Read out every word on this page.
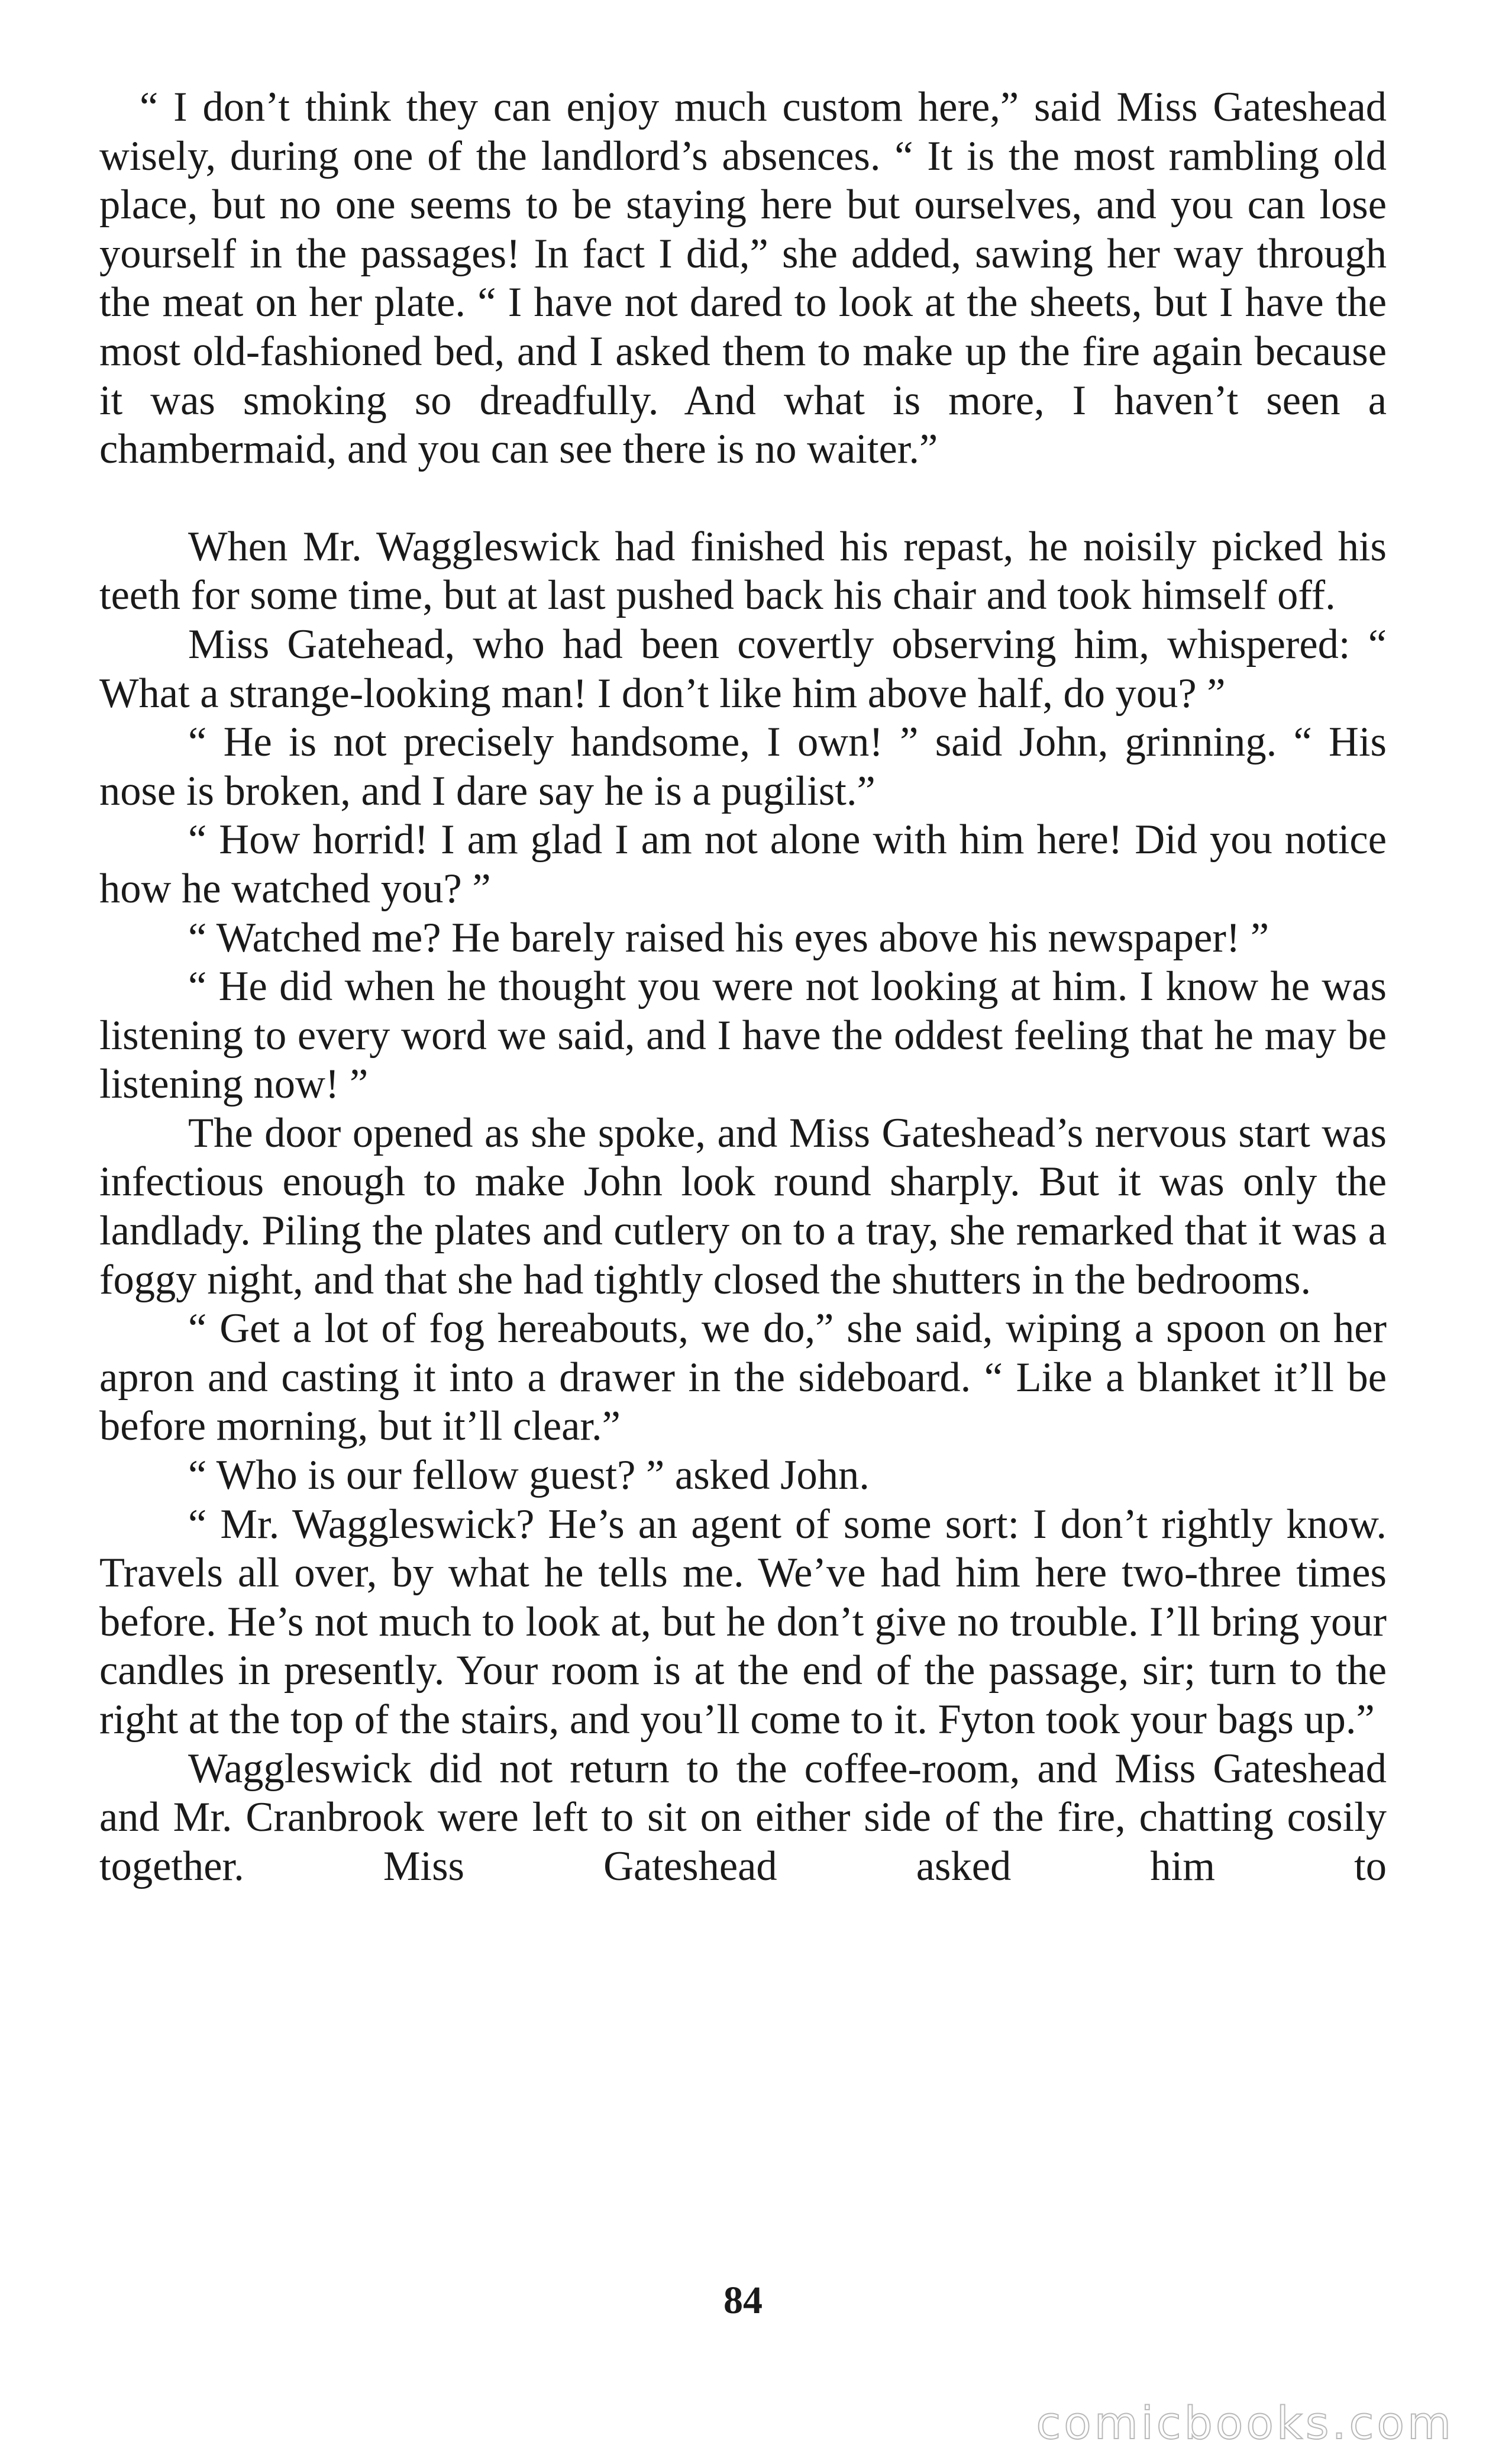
“ I don’t think they can enjoy much custom here,” said Miss Gateshead wisely, during one of the landlord’s absences. “ It is the most rambling old place, but no one seems to be staying here but ourselves, and you can lose yourself in the passages! In fact I did,” she added, sawing her way through the meat on her plate. “ I have not dared to look at the sheets, but I have the most old-fashioned bed, and I asked them to make up the fire again because it was smoking so dreadfully. And what is more, I haven’t seen a chambermaid, and you can see there is no waiter.”

When Mr. Waggleswick had finished his repast, he noisily picked his teeth for some time, but at last pushed back his chair and took himself off.

Miss Gatehead, who had been covertly observing him, whispered: “ What a strange-looking man! I don’t like him above half, do you? ”

“ He is not precisely handsome, I own! ” said John, grinning. “ His nose is broken, and I dare say he is a pugilist.”

“ How horrid! I am glad I am not alone with him here! Did you notice how he watched you? ”

“ Watched me? He barely raised his eyes above his newspaper! ”

“ He did when he thought you were not looking at him. I know he was listening to every word we said, and I have the oddest feeling that he may be listening now! ”

The door opened as she spoke, and Miss Gateshead’s nervous start was infectious enough to make John look round sharply. But it was only the landlady. Piling the plates and cutlery on to a tray, she remarked that it was a foggy night, and that she had tightly closed the shutters in the bedrooms.

“ Get a lot of fog hereabouts, we do,” she said, wiping a spoon on her apron and casting it into a drawer in the sideboard. “ Like a blanket it’ll be before morning, but it’ll clear.”

“ Who is our fellow guest? ” asked John.

“ Mr. Waggleswick? He’s an agent of some sort: I don’t rightly know. Travels all over, by what he tells me. We’ve had him here two-three times before. He’s not much to look at, but he don’t give no trouble. I’ll bring your candles in presently. Your room is at the end of the passage, sir; turn to the right at the top of the stairs, and you’ll come to it. Fyton took your bags up.”

Waggleswick did not return to the coffee-room, and Miss Gateshead and Mr. Cranbrook were left to sit on either side of the fire, chatting cosily together. Miss Gateshead asked him to

84
comicbooks.com
